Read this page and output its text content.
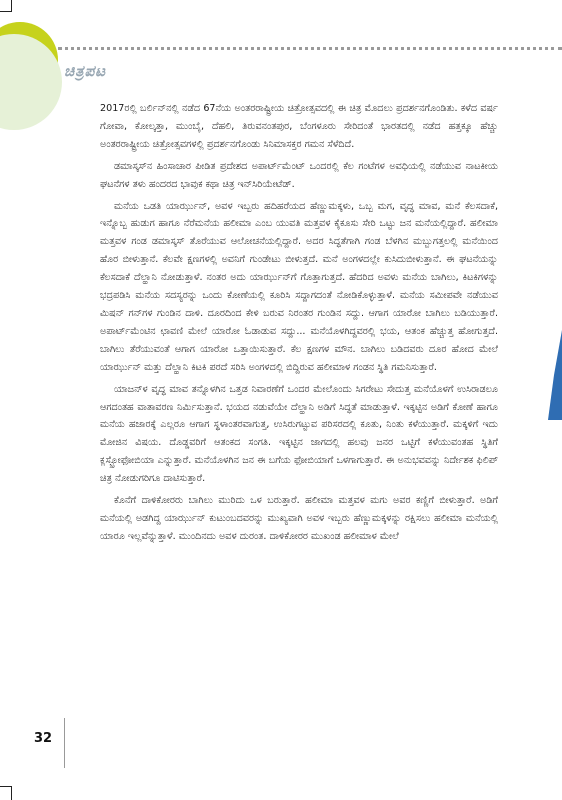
ಚಿತ್ರಪಟ

2017ರಲ್ಲಿ ಬರ್ಲಿನ್‌ನಲ್ಲಿ ನಡೆದ 67ನೆಯ ಅಂತರರಾಷ್ಟ್ರೀಯ ಚಿತ್ರೋತ್ಸವದಲ್ಲಿ ಈ ಚಿತ್ರ ಮೊದಲು ಪ್ರದರ್ಶನಗೊಂಡಿತು. ಕಳೆದ ವರ್ಷ ಗೋವಾ, ಕೋಲ್ಕತ್ತಾ, ಮುಂಬೈ, ದೆಹಲಿ, ತಿರುವನಂತಪುರ, ಬೆಂಗಳೂರು ಸೇರಿದಂತೆ ಭಾರತದಲ್ಲಿ ನಡೆದ ಹತ್ತಕ್ಕೂ ಹೆಚ್ಚು ಅಂತರರಾಷ್ಟ್ರೀಯ ಚಿತ್ರೋತ್ಸವಗಳಲ್ಲಿ ಪ್ರದರ್ಶನಗೊಂಡು ಸಿನಿಮಾಸಕ್ತರ ಗಮನ ಸೆಳೆದಿದೆ.

ಡಮಾಸ್ಕಸ್‌ನ ಹಿಂಸಾಚಾರ ಪೀಡಿತ ಪ್ರದೇಶದ ಅಪಾರ್ಟ್‌ಮೆಂಟ್ ಒಂದರಲ್ಲಿ ಕೆಲ ಗಂಟೆಗಳ ಅವಧಿಯಲ್ಲಿ ನಡೆಯುವ ನಾಟಕೀಯ ಘಟನೆಗಳ ತಳು ಹಂದರದ ಭಾವುಕ ಕಥಾ ಚಿತ್ರ ಇನ್‌ಸಿರಿಯೇಟೆಡ್.

ಮನೆಯ ಒಡತಿ ಯಾರ್ಝುನ್, ಅವಳ ಇಬ್ಬರು ಹದಿಹರೆಯದ ಹೆಣ್ಣುಮಕ್ಕಳು, ಒಬ್ಬ ಮಗ, ವೃದ್ಧ ಮಾವ, ಮನೆ ಕೆಲಸದಾಕೆ, ಇನ್ನೊಬ್ಬ ಹುಡುಗ ಹಾಗೂ ನೆರೆಮನೆಯ ಹಲೀಮಾ ಎಂಬ ಯುವತಿ ಮತ್ತವಳ ಕೈಕೂಸು ಸೇರಿ ಒಟ್ಟು ಜನ ಮನೆಯಲ್ಲಿದ್ದಾರೆ. ಹಲೀಮಾ ಮತ್ತವಳ ಗಂಡ ಡಮಾಸ್ಕಸ್ ತೊರೆಯುವ ಆಲೋಚನೆಯಲ್ಲಿದ್ದಾರೆ. ಅದರ ಸಿದ್ಧತೆಗಾಗಿ ಗಂಡ ಬೆಳಗಿನ ಮಬ್ಬುಗತ್ತಲಲ್ಲಿ ಮನೆಯಿಂದ ಹೊರ ಬೀಳುತ್ತಾನೆ. ಕೆಲವೇ ಕ್ಷಣಗಳಲ್ಲಿ ಅವನಿಗೆ ಗುಂಡೇಟು ಬೀಳುತ್ತದೆ. ಮನೆ ಅಂಗಳದಲ್ಲೇ ಕುಸಿದುಬೀಳುತ್ತಾನೆ. ಈ ಘಟನೆಯನ್ನು ಕೆಲಸದಾಕೆ ದೆಲ್ಹಾನಿ ನೋಡುತ್ತಾಳೆ. ನಂತರ ಅದು ಯಾರ್ಝುನ್‌ಗೆ ಗೊತ್ತಾಗುತ್ತದೆ. ಹೆದರಿದ ಅವಳು ಮನೆಯ ಬಾಗಿಲು, ಕಿಟಕಿಗಳನ್ನು ಭದ್ರಪಡಿಸಿ ಮನೆಯ ಸದಸ್ಯರನ್ನು ಒಂದು ಕೋಣೆಯಲ್ಲಿ ಕೂರಿಸಿ ಸದ್ದಾಗದಂತೆ ನೋಡಿಕೊಳ್ಳುತ್ತಾಳೆ. ಮನೆಯ ಸಮೀಪವೇ ನಡೆಯುವ ಮಿಷನ್ ಗನ್‌ಗಳ ಗುಂಡಿನ ದಾಳಿ. ದೂರದಿಂದ ಕೇಳಿ ಬರುವ ನಿರಂತರ ಗುಂಡಿನ ಸದ್ದು. ಆಗಾಗ ಯಾರೋ ಬಾಗಿಲು ಬಡಿಯುತ್ತಾರೆ. ಅಪಾರ್ಟ್‌ಮೆಂಟಿನ ಛಾವಣಿ ಮೇಲೆ ಯಾರೋ ಓಡಾಡುವ ಸದ್ದು... ಮನೆಯೊಳಗಿದ್ದವರಲ್ಲಿ ಭಯ, ಆತಂಕ ಹೆಚ್ಚುತ್ತ ಹೋಗುತ್ತದೆ. ಬಾಗಿಲು ತೆರೆಯುವಂತೆ ಆಗಾಗ ಯಾರೋ ಒತ್ತಾಯಿಸುತ್ತಾರೆ. ಕೆಲ ಕ್ಷಣಗಳ ಮೌನ. ಬಾಗಿಲು ಬಡಿದವರು ದೂರ ಹೋದ ಮೇಲೆ ಯಾರ್ಝುನ್ ಮತ್ತು ದೆಲ್ಹಾನಿ ಕಿಟಕಿ ಪರದೆ ಸರಿಸಿ ಅಂಗಳದಲ್ಲಿ ಬಿದ್ದಿರುವ ಹಲೀಮಾಳ ಗಂಡನ ಸ್ಥಿತಿ ಗಮನಿಸುತ್ತಾರೆ.

ಯಾಜನ್‌ಳ ವೃದ್ಧ ಮಾವ ತನ್ನೊಳಗಿನ ಒತ್ತಡ ನಿವಾರಣೆಗೆ ಒಂದರ ಮೇಲೊಂದು ಸಿಗರೇಟು ಸೇದುತ್ತ ಮನೆಯೊಳಗೆ ಉಸಿರಾಡಲೂ ಆಗದಂತಹ ವಾತಾವರಣ ನಿರ್ಮಿಸುತ್ತಾನೆ. ಭಯದ ನಡುವೆಯೇ ದೆಲ್ಹಾನಿ ಅಡಿಗೆ ಸಿದ್ಧತೆ ಮಾಡುತ್ತಾಳೆ. ಇಕ್ಕಟ್ಟಿನ ಅಡಿಗೆ ಕೋಣೆ ಹಾಗೂ ಮನೆಯ ಹಜಾರಕ್ಕೆ ಎಲ್ಲರೂ ಆಗಾಗ ಸ್ಥಳಾಂತರವಾಗುತ್ತ, ಉಸಿರುಗಟ್ಟುವ ಪರಿಸರದಲ್ಲಿ ಕೂತು, ನಿಂತು ಕಳೆಯುತ್ತಾರೆ. ಮಕ್ಕಳಿಗೆ ಇದು ಮೋಜಿನ ವಿಷಯ. ದೊಡ್ಡವರಿಗೆ ಆತಂಕದ ಸಂಗತಿ. ಇಕ್ಕಟ್ಟಿನ ಜಾಗದಲ್ಲಿ ಹಲವು ಜನರ ಒಟ್ಟಿಗೆ ಕಳೆಯುವಂತಹ ಸ್ಥಿತಿಗೆ ಕ್ಲಸ್ಟ್ರೋಫೋಬಿಯಾ ಎನ್ನುತ್ತಾರೆ. ಮನೆಯೊಳಗಿನ ಜನ ಈ ಬಗೆಯ ಫೋಬಿಯಾಗೆ ಒಳಗಾಗುತ್ತಾರೆ. ಈ ಅನುಭವವನ್ನು ನಿರ್ದೇಶಕ ಫಿಲಿಪ್ ಚಿತ್ರ ನೋಡುಗರಿಗೂ ದಾಟಿಸುತ್ತಾರೆ.

ಕೊನೆಗೆ ದಾಳಿಕೋರರು ಬಾಗಿಲು ಮುರಿದು ಒಳ ಬರುತ್ತಾರೆ. ಹಲೀಮಾ ಮತ್ತವಳ ಮಗು ಅವರ ಕಣ್ಣಿಗೆ ಬೀಳುತ್ತಾರೆ. ಅಡಿಗೆ ಮನೆಯಲ್ಲಿ ಅಡಗಿದ್ದ ಯಾರ್ಝುನ್ ಕುಟುಂಬದವರನ್ನು ಮುಖ್ಯವಾಗಿ ಅವಳ ಇಬ್ಬರು ಹೆಣ್ಣುಮಕ್ಕಳನ್ನು ರಕ್ಷಿಸಲು ಹಲೀಮಾ ಮನೆಯಲ್ಲಿ ಯಾರೂ ಇಲ್ಲವೆನ್ನುತ್ತಾಳೆ. ಮುಂದಿನದು ಅವಳ ದುರಂತ. ದಾಳಿಕೋರರ ಮುಖಂಡ ಹಲೀಮಾಳ ಮೇಲೆ

32
